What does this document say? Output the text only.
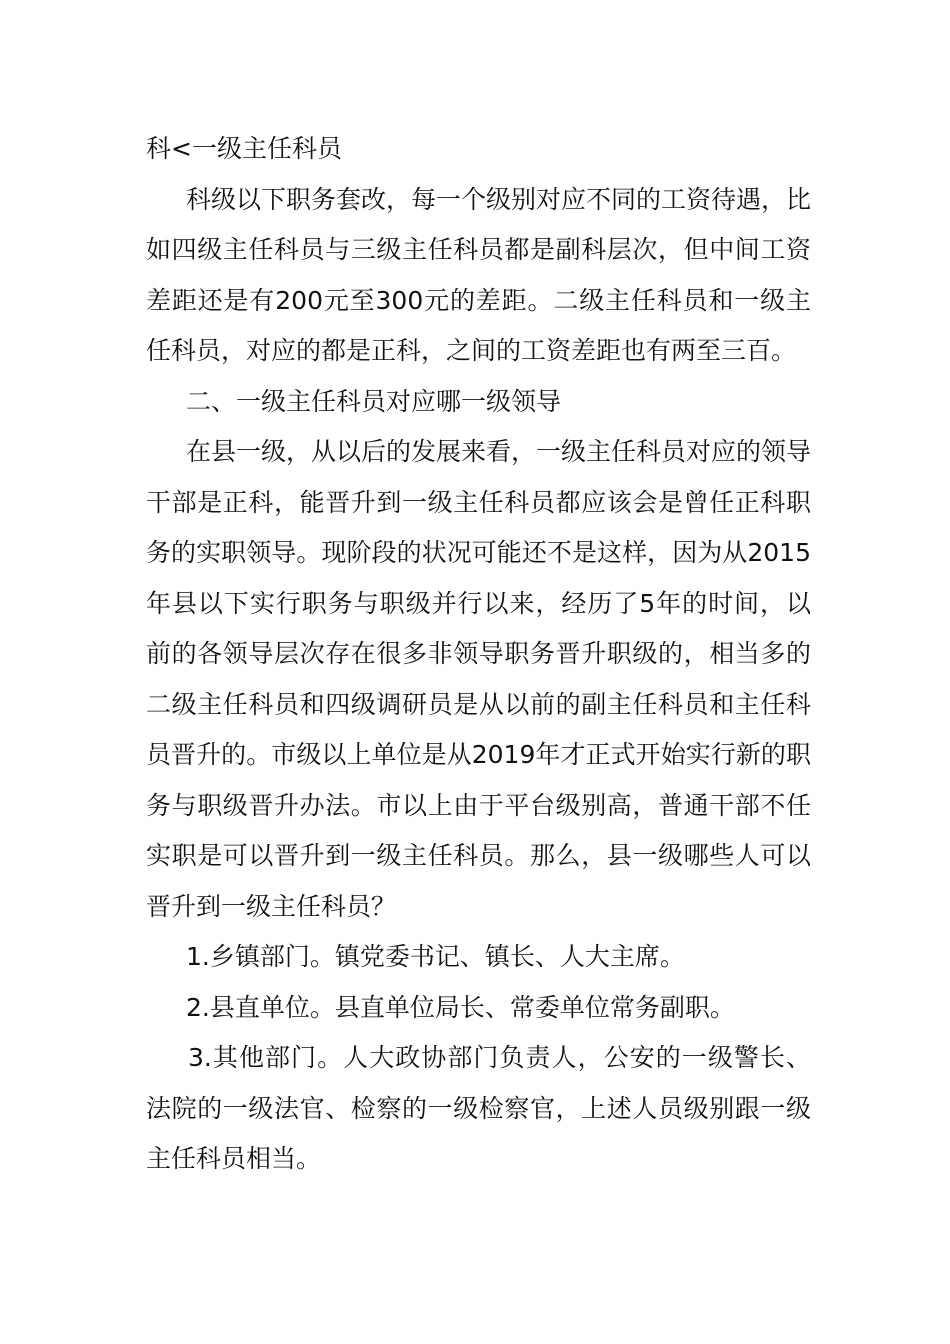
科<一级主任科员

科级以下职务套改，每一个级别对应不同的工资待遇，比如四级主任科员与三级主任科员都是副科层次，但中间工资差距还是有200元至300元的差距。二级主任科员和一级主任科员，对应的都是正科，之间的工资差距也有两至三百。

二、一级主任科员对应哪一级领导

在县一级，从以后的发展来看，一级主任科员对应的领导干部是正科，能晋升到一级主任科员都应该会是曾任正科职务的实职领导。现阶段的状况可能还不是这样，因为从2015年县以下实行职务与职级并行以来，经历了5年的时间，以前的各领导层次存在很多非领导职务晋升职级的，相当多的二级主任科员和四级调研员是从以前的副主任科员和主任科员晋升的。市级以上单位是从2019年才正式开始实行新的职务与职级晋升办法。市以上由于平台级别高，普通干部不任实职是可以晋升到一级主任科员。那么，县一级哪些人可以晋升到一级主任科员？

1.乡镇部门。镇党委书记、镇长、人大主席。

2.县直单位。县直单位局长、常委单位常务副职。

3.其他部门。人大政协部门负责人，公安的一级警长、法院的一级法官、检察的一级检察官，上述人员级别跟一级主任科员相当。
